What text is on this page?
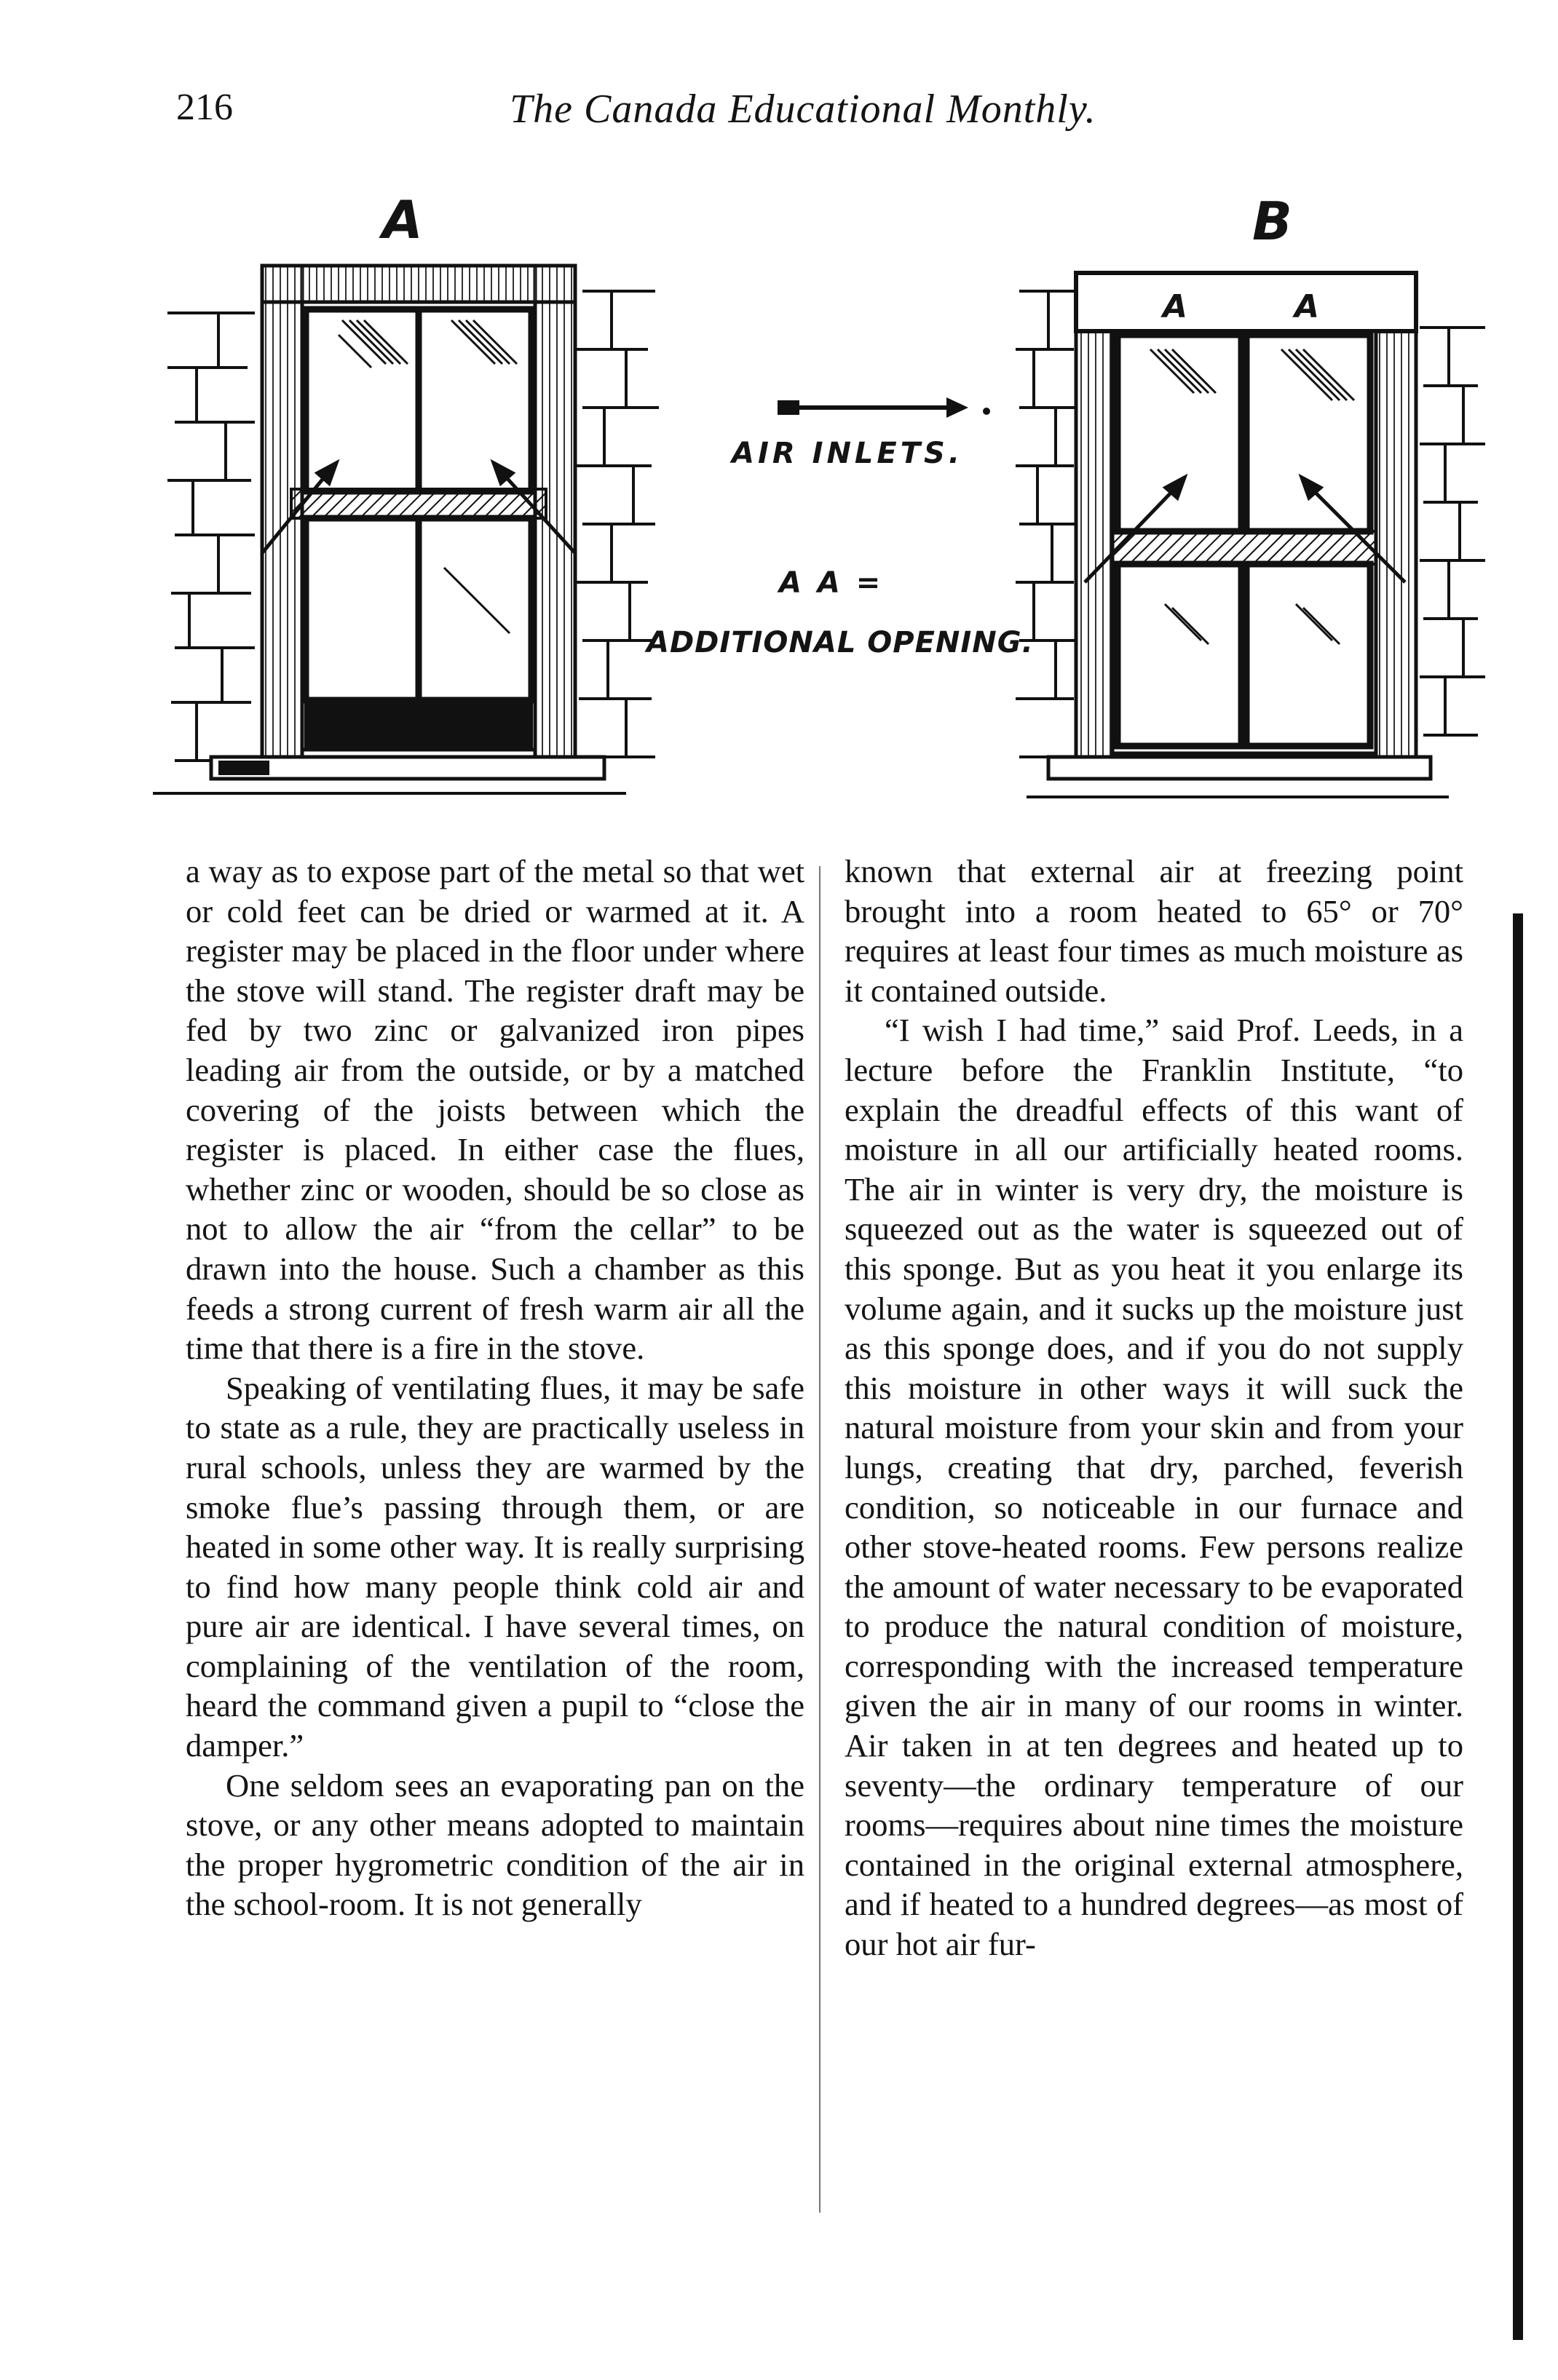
216	The Canada Educational Monthly.
A	B
A	A
AIR INLETS.
A A =
ADDITIONAL OPENING.

a way as to expose part of the metal so that wet or cold feet can be dried or warmed at it. A register may be placed in the floor under where the stove will stand. The register draft may be fed by two zinc or galvanized iron pipes leading air from the outside, or by a matched covering of the joists between which the register is placed. In either case the flues, whether zinc or wooden, should be so close as not to allow the air “from the cellar” to be drawn into the house. Such a chamber as this feeds a strong current of fresh warm air all the time that there is a fire in the stove.

Speaking of ventilating flues, it may be safe to state as a rule, they are practically useless in rural schools, unless they are warmed by the smoke flue’s passing through them, or are heated in some other way. It is really surprising to find how many people think cold air and pure air are identical. I have several times, on complaining of the ventilation of the room, heard the command given a pupil to “close the damper.”

One seldom sees an evaporating pan on the stove, or any other means adopted to maintain the proper hygrometric condition of the air in the school-room. It is not generally

known that external air at freezing point brought into a room heated to 65° or 70° requires at least four times as much moisture as it contained outside.

“I wish I had time,” said Prof. Leeds, in a lecture before the Franklin Institute, “to explain the dreadful effects of this want of moisture in all our artificially heated rooms. The air in winter is very dry, the moisture is squeezed out as the water is squeezed out of this sponge. But as you heat it you enlarge its volume again, and it sucks up the moisture just as this sponge does, and if you do not supply this moisture in other ways it will suck the natural moisture from your skin and from your lungs, creating that dry, parched, feverish condition, so noticeable in our furnace and other stove-heated rooms. Few persons realize the amount of water necessary to be evaporated to produce the natural condition of moisture, corresponding with the increased temperature given the air in many of our rooms in winter. Air taken in at ten degrees and heated up to seventy—the ordinary temperature of our rooms—requires about nine times the moisture contained in the original external atmosphere, and if heated to a hundred degrees—as most of our hot air fur-
